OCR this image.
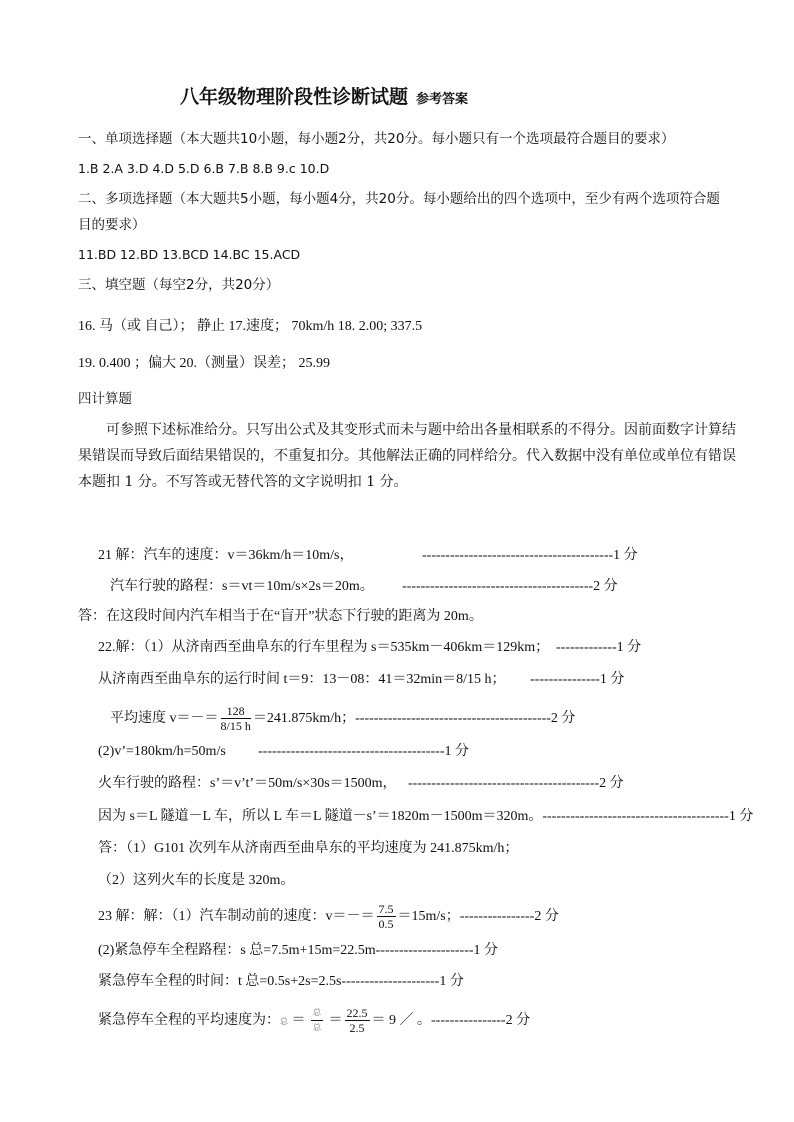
八年级物理阶段性诊断试题 参考答案
一、单项选择题（本大题共10小题，每小题2分，共20分。每小题只有一个选项最符合题目的要求）
1.B 2.A 3.D 4.D 5.D 6.B 7.B 8.B 9.c 10.D
二、多项选择题（本大题共5小题，每小题4分，共20分。每小题给出的四个选项中，至少有两个选项符合题
目的要求）
11.BD 12.BD 13.BCD 14.BC 15.ACD
三、填空题（每空2分，共20分）
16. 马（或 自己）； 静止 17.速度； 70km/h 18. 2.00; 337.5
19. 0.400 ；偏大 20.（测量）误差； 25.99
四计算题
可参照下述标准给分。只写出公式及其变形式而未与题中给出各量相联系的不得分。因前面数字计算结果错误而导致后面结果错误的，不重复扣分。其他解法正确的同样给分。代入数据中没有单位或单位有错误本题扣 1 分。不写答或无替代答的文字说明扣 1 分。
21 解：汽车的速度：v＝36km/h＝10m/s，	-----------------------------------------1 分
汽车行驶的路程：s＝vt＝10m/s×2s＝20m。 -----------------------------------------2 分
答：在这段时间内汽车相当于在“盲开”状态下行驶的距离为 20m。
22.解：（1）从济南西至曲阜东的行车里程为 s＝535km－406km＝129km； -------------1 分
从济南西至曲阜东的运行时间 t＝9：13－08：41＝32min＝8/15 h； ---------------1 分
平均速度 $v=-= \frac{128}{8/15 h} =241.875km/h$；------------------------------------------2 分
(2)v’=180km/h=50m/s ----------------------------------------1 分
火车行驶的路程：s’＝v’t’＝50m/s×30s＝1500m， -----------------------------------------2 分
因为 s＝L 隧道－L 车，所以 L 车＝L 隧道－s’＝1820m－1500m＝320m。----------------------------------------1 分
答：（1）G101 次列车从济南西至曲阜东的平均速度为 241.875km/h；
（2）这列火车的长度是 320m。
23 解：解：（1）汽车制动前的速度：$v=-= \frac{7.5}{0.5} =15m/s$；----------------2 分
(2)紧急停车全程路程：s 总=7.5m+15m=22.5m---------------------1 分
紧急停车全程的时间：t 总=0.5s+2s=2.5s---------------------1 分
紧急停车全程的平均速度为：总 ＝ $\frac{\text{总}}{\text{总}} = \frac{22.5}{2.5} = 9$ ／ 。----------------2 分
